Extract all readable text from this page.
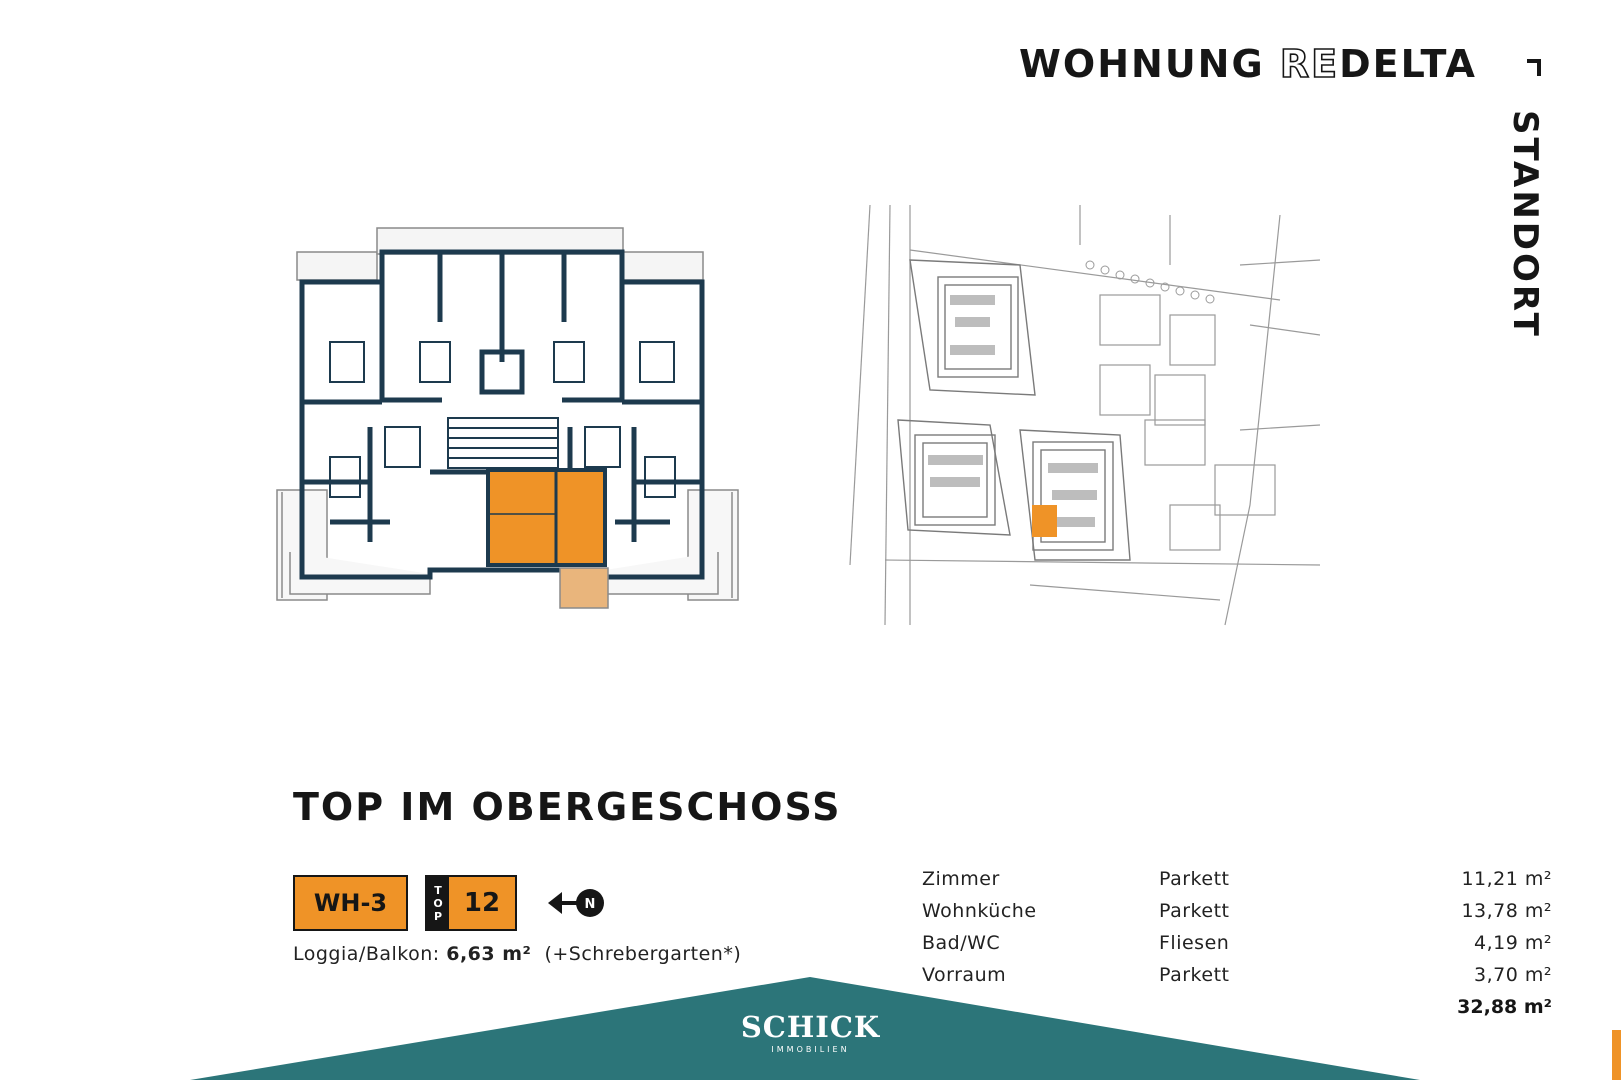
WOHNUNG REDELTA
STANDORT
TOP IM OBERGESCHOSS
WH-3	T
O
P 12	N
Loggia/Balkon: 6,63 m² (+Schrebergarten*)
Zimmer	Parkett	11,21 m²
Wohnküche	Parkett	13,78 m²
Bad/WC	Fliesen	4,19 m²
Vorraum	Parkett	3,70 m²
32,88 m²
SCHICK
IMMOBILIEN
